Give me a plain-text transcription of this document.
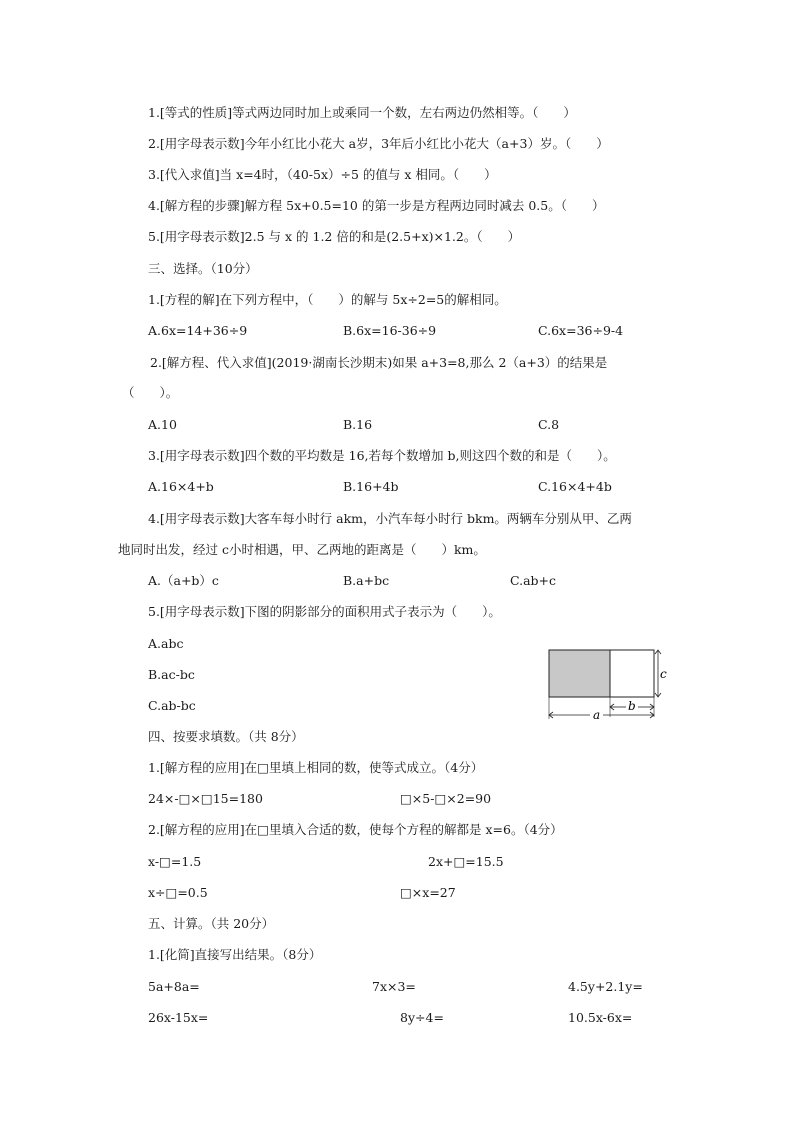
1.[等式的性质]等式两边同时加上或乘同一个数，左右两边仍然相等。（　　）
2.[用字母表示数]今年小红比小花大 a岁，3年后小红比小花大（a+3）岁。（　　）
3.[代入求值]当 x=4时，（40-5x）÷5 的值与 x 相同。（　　）
4.[解方程的步骤]解方程 5x+0.5=10 的第一步是方程两边同时减去 0.5。（　　）
5.[用字母表示数]2.5 与 x 的 1.2 倍的和是(2.5+x)×1.2。（　　）
三、选择。（10分）
1.[方程的解]在下列方程中，（　　）的解与 5x÷2=5的解相同。
A.6x=14+36÷9	B.6x=16-36÷9	C.6x=36÷9-4
2.[解方程、代入求值](2019·湖南长沙期末)如果 a+3=8,那么 2（a+3）的结果是
（　　）。
A.10	B.16	C.8
3.[用字母表示数]四个数的平均数是 16,若每个数增加 b,则这四个数的和是（　　）。
A.16×4+b	B.16+4b	C.16×4+4b
4.[用字母表示数]大客车每小时行 akm，小汽车每小时行 bkm。两辆车分别从甲、乙两
地同时出发，经过 c小时相遇，甲、乙两地的距离是（　　）km。
A.（a+b）c	B.a+bc	C.ab+c
5.[用字母表示数]下图的阴影部分的面积用式子表示为（　　）。
A.abc
B.ac-bc
C.ab-bc
c
b
a
四、按要求填数。（共 8分）
1.[解方程的应用]在□里填上相同的数，使等式成立。（4分）
24×-□×□15=180	□×5-□×2=90
2.[解方程的应用]在□里填入合适的数，使每个方程的解都是 x=6。（4分）
x-□=1.5	2x+□=15.5
x÷□=0.5	□×x=27
五、计算。（共 20分）
1.[化简]直接写出结果。（8分）
5a+8a=	7x×3=	4.5y+2.1y=
26x-15x=	8y÷4=	10.5x-6x=
